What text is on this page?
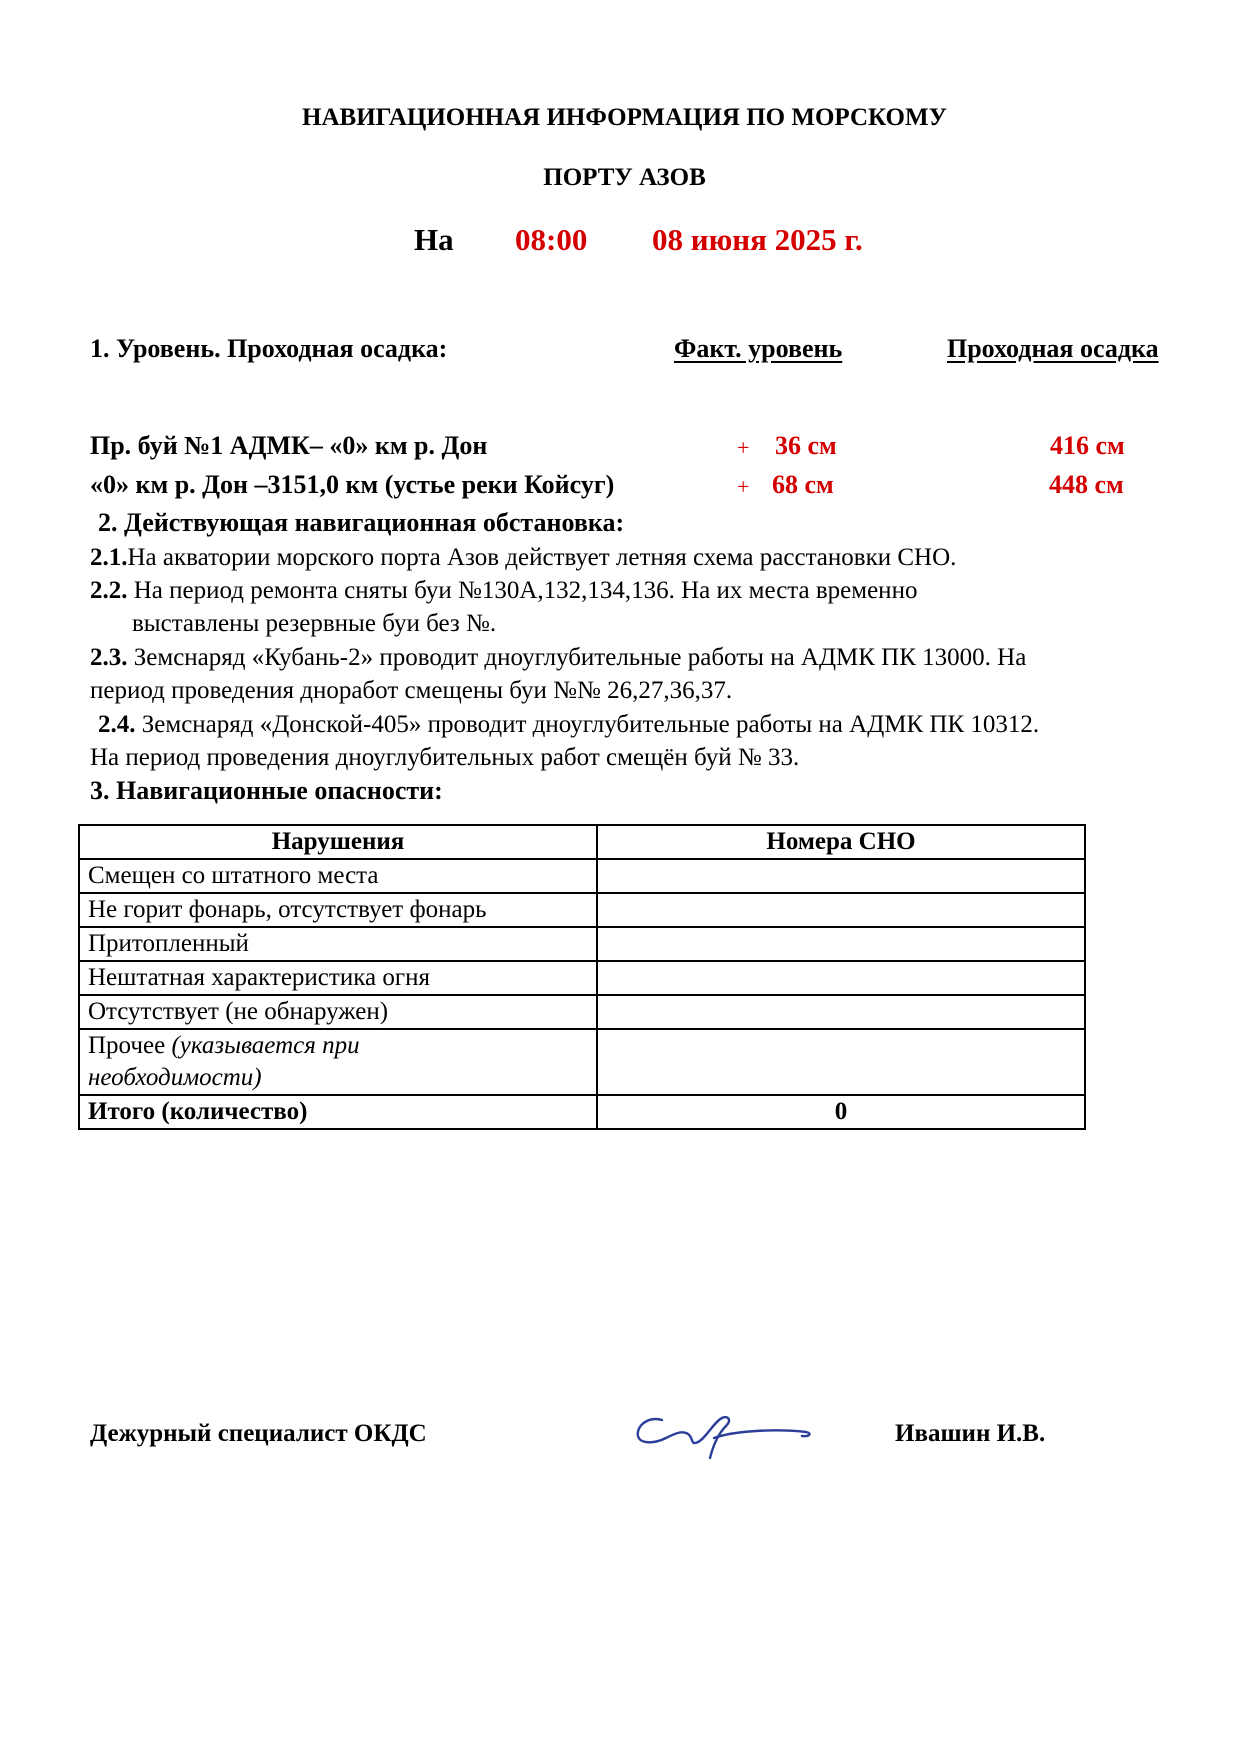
НАВИГАЦИОННАЯ ИНФОРМАЦИЯ ПО МОРСКОМУ
ПОРТУ АЗОВ
На 08:00 08 июня 2025 г.
1. Уровень. Проходная осадка:	Факт. уровень	Проходная осадка
Пр. буй №1 АДМК– «0» км р. Дон	+ 36 см	416 см
«0» км р. Дон –3151,0 км (устье реки Койсуг)	+ 68 см	448 см
2. Действующая навигационная обстановка:
2.1.На акватории морского порта Азов действует летняя схема расстановки СНО.
2.2. На период ремонта сняты буи №130А,132,134,136. На их места временно
выставлены резервные буи без №.
2.3. Земснаряд «Кубань-2» проводит дноуглубительные работы на АДМК ПК 13000. На
период проведения днoработ смещены буи №№ 26,27,36,37.
2.4. Земснаряд «Донской-405» проводит дноуглубительные работы на АДМК ПК 10312.
На период проведения дноуглубительных работ смещён буй № 33.
3. Навигационные опасности:
Нарушения	Номера СНО
Смещен со штатного места	
Не горит фонарь, отсутствует фонарь	
Притопленный	
Нештатная характеристика огня	
Отсутствует (не обнаружен)	
Прочее (указывается при
необходимости)	
Итого (количество)	0
Дежурный специалист ОКДС	Ивашин И.В.
